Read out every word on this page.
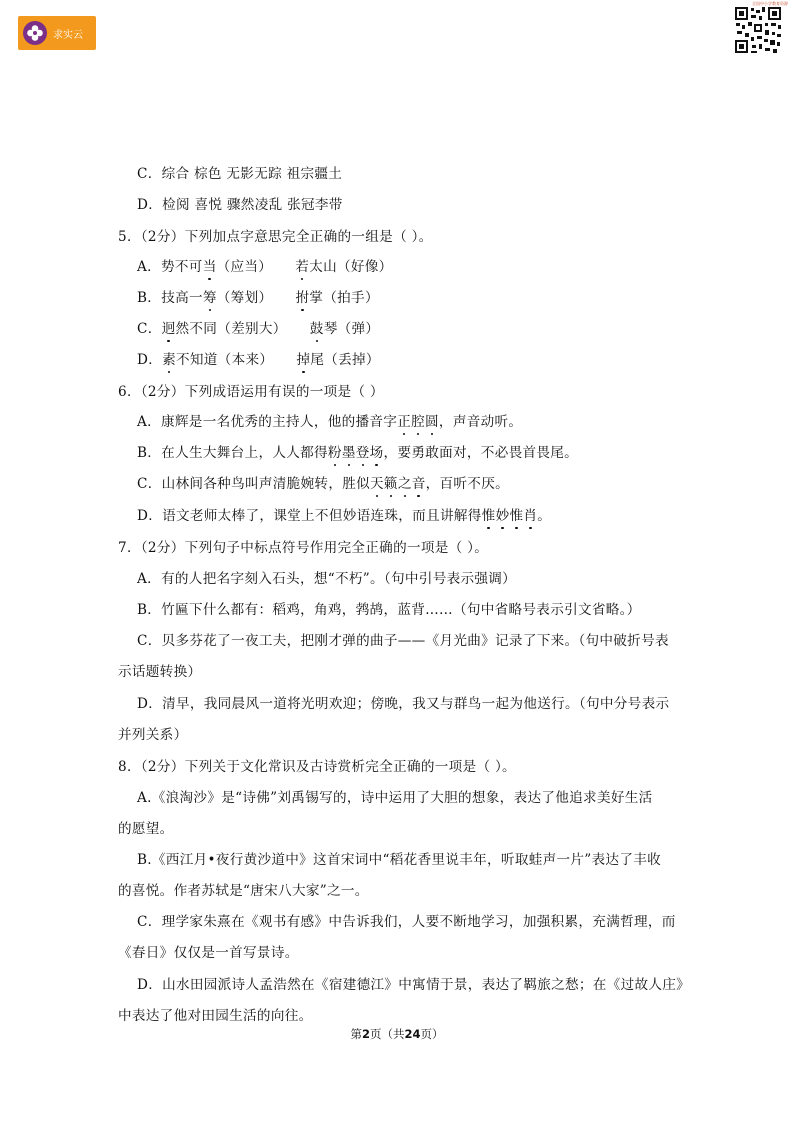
求实云
全国中小学教育资源
C．综合 棕色 无影无踪 祖宗疆土
D．检阅 喜悦 骤然凌乱 张冠李带
5．（2分）下列加点字意思完全正确的一组是（ ）。
A．势不可当（应当） 若太山（好像）
B．技高一筹（筹划） 拊掌（拍手）
C．迥然不同（差别大） 鼓琴（弹）
D．素不知道（本来） 掉尾（丢掉）
6．（2分）下列成语运用有误的一项是（ ）
A．康辉是一名优秀的主持人，他的播音字正腔圆，声音动听。
B．在人生大舞台上，人人都得粉墨登场，要勇敢面对，不必畏首畏尾。
C．山林间各种鸟叫声清脆婉转，胜似天籁之音，百听不厌。
D．语文老师太棒了，课堂上不但妙语连珠，而且讲解得惟妙惟肖。
7．（2分）下列句子中标点符号作用完全正确的一项是（ ）。
A．有的人把名字刻入石头，想“不朽”。（句中引号表示强调）
B．竹匾下什么都有：稻鸡，角鸡，鹁鸪，蓝背……（句中省略号表示引文省略。）
C．贝多芬花了一夜工夫，把刚才弹的曲子——《月光曲》记录了下来。（句中破折号表
示话题转换）
D．清早，我同晨风一道将光明欢迎；傍晚，我又与群鸟一起为他送行。（句中分号表示
并列关系）
8．（2分）下列关于文化常识及古诗赏析完全正确的一项是（ ）。
A.《浪淘沙》是“诗佛”刘禹锡写的，诗中运用了大胆的想象，表达了他追求美好生活
的愿望。
B.《西江月•夜行黄沙道中》这首宋词中“稻花香里说丰年，听取蛙声一片”表达了丰收
的喜悦。作者苏轼是“唐宋八大家”之一。
C．理学家朱熹在《观书有感》中告诉我们，人要不断地学习，加强积累，充满哲理，而
《春日》仅仅是一首写景诗。
D．山水田园派诗人孟浩然在《宿建德江》中寓情于景，表达了羁旅之愁；在《过故人庄》
中表达了他对田园生活的向往。
第2页（共24页）
